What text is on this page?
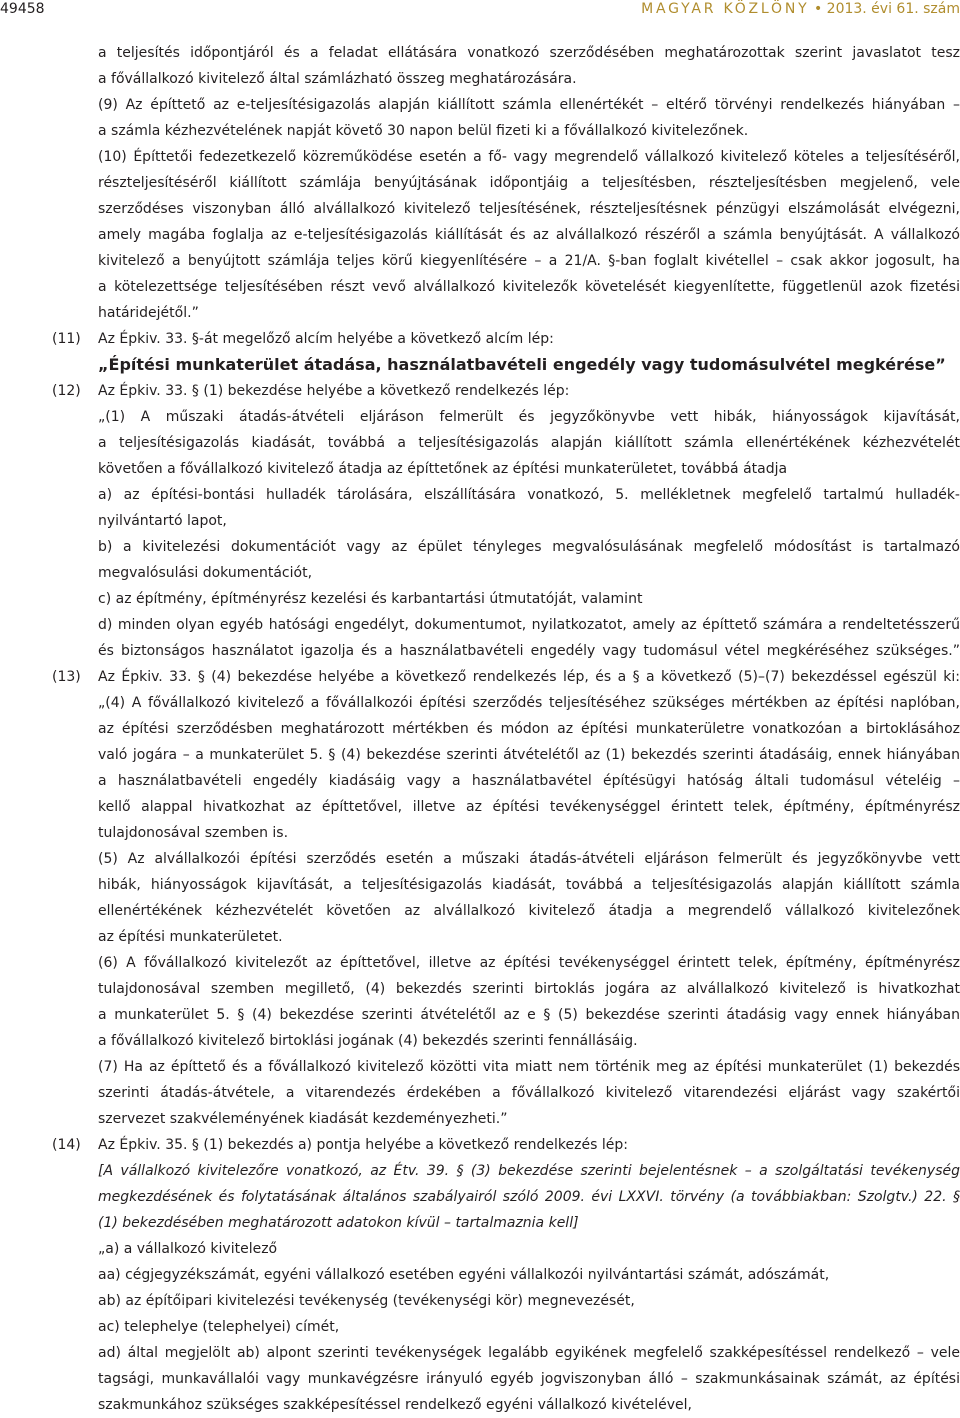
49458	MAGYAR KÖZLÖNY • 2013. évi 61. szám
a teljesítés időpontjáról és a feladat ellátására vonatkozó szerződésében meghatározottak szerint javaslatot tesz
a fővállalkozó kivitelező által számlázható összeg meghatározására.
(9) Az építtető az e-teljesítésigazolás alapján kiállított számla ellenértékét – eltérő törvényi rendelkezés hiányában –
a számla kézhezvételének napját követő 30 napon belül fizeti ki a fővállalkozó kivitelezőnek.
(10) Építtetői fedezetkezelő közreműködése esetén a fő- vagy megrendelő vállalkozó kivitelező köteles a teljesítéséről,
részteljesítéséről kiállított számlája benyújtásának időpontjáig a teljesítésben, részteljesítésben megjelenő, vele
szerződéses viszonyban álló alvállalkozó kivitelező teljesítésének, részteljesítésnek pénzügyi elszámolását elvégezni,
amely magába foglalja az e-teljesítésigazolás kiállítását és az alvállalkozó részéről a számla benyújtását. A vállalkozó
kivitelező a benyújtott számlája teljes körű kiegyenlítésére – a 21/A. §-ban foglalt kivétellel – csak akkor jogosult, ha
a kötelezettsége teljesítésében részt vevő alvállalkozó kivitelezők követelését kiegyenlítette, függetlenül azok fizetési
határidejétől.”
(11) Az Épkiv. 33. §-át megelőző alcím helyébe a következő alcím lép:
„Építési munkaterület átadása, használatbavételi engedély vagy tudomásulvétel megkérése”
(12) Az Épkiv. 33. § (1) bekezdése helyébe a következő rendelkezés lép:
„(1) A műszaki átadás-átvételi eljáráson felmerült és jegyzőkönyvbe vett hibák, hiányosságok kijavítását,
a teljesítésigazolás kiadását, továbbá a teljesítésigazolás alapján kiállított számla ellenértékének kézhezvételét
követően a fővállalkozó kivitelező átadja az építtetőnek az építési munkaterületet, továbbá átadja
a) az építési-bontási hulladék tárolására, elszállítására vonatkozó, 5. mellékletnek megfelelő tartalmú hulladék-
nyilvántartó lapot,
b) a kivitelezési dokumentációt vagy az épület tényleges megvalósulásának megfelelő módosítást is tartalmazó
megvalósulási dokumentációt,
c) az építmény, építményrész kezelési és karbantartási útmutatóját, valamint
d) minden olyan egyéb hatósági engedélyt, dokumentumot, nyilatkozatot, amely az építtető számára a rendeltetésszerű
és biztonságos használatot igazolja és a használatbavételi engedély vagy tudomásul vétel megkéréséhez szükséges.”
(13) Az Épkiv. 33. § (4) bekezdése helyébe a következő rendelkezés lép, és a § a következő (5)–(7) bekezdéssel egészül ki:
„(4) A fővállalkozó kivitelező a fővállalkozói építési szerződés teljesítéséhez szükséges mértékben az építési naplóban,
az építési szerződésben meghatározott mértékben és módon az építési munkaterületre vonatkozóan a birtoklásához
való jogára – a munkaterület 5. § (4) bekezdése szerinti átvételétől az (1) bekezdés szerinti átadásáig, ennek hiányában
a használatbavételi engedély kiadásáig vagy a használatbavétel építésügyi hatóság általi tudomásul vételéig –
kellő alappal hivatkozhat az építtetővel, illetve az építési tevékenységgel érintett telek, építmény, építményrész
tulajdonosával szemben is.
(5) Az alvállalkozói építési szerződés esetén a műszaki átadás-átvételi eljáráson felmerült és jegyzőkönyvbe vett
hibák, hiányosságok kijavítását, a teljesítésigazolás kiadását, továbbá a teljesítésigazolás alapján kiállított számla
ellenértékének kézhezvételét követően az alvállalkozó kivitelező átadja a megrendelő vállalkozó kivitelezőnek
az építési munkaterületet.
(6) A fővállalkozó kivitelezőt az építtetővel, illetve az építési tevékenységgel érintett telek, építmény, építményrész
tulajdonosával szemben megillető, (4) bekezdés szerinti birtoklás jogára az alvállalkozó kivitelező is hivatkozhat
a munkaterület 5. § (4) bekezdése szerinti átvételétől az e § (5) bekezdése szerinti átadásig vagy ennek hiányában
a fővállalkozó kivitelező birtoklási jogának (4) bekezdés szerinti fennállásáig.
(7) Ha az építtető és a fővállalkozó kivitelező közötti vita miatt nem történik meg az építési munkaterület (1) bekezdés
szerinti átadás-átvétele, a vitarendezés érdekében a fővállalkozó kivitelező vitarendezési eljárást vagy szakértői
szervezet szakvéleményének kiadását kezdeményezheti.”
(14) Az Épkiv. 35. § (1) bekezdés a) pontja helyébe a következő rendelkezés lép:
[A vállalkozó kivitelezőre vonatkozó, az Étv. 39. § (3) bekezdése szerinti bejelentésnek – a szolgáltatási tevékenység
megkezdésének és folytatásának általános szabályairól szóló 2009. évi LXXVI. törvény (a továbbiakban: Szolgtv.) 22. §
(1) bekezdésében meghatározott adatokon kívül – tartalmaznia kell]
„a) a vállalkozó kivitelező
aa) cégjegyzékszámát, egyéni vállalkozó esetében egyéni vállalkozói nyilvántartási számát, adószámát,
ab) az építőipari kivitelezési tevékenység (tevékenységi kör) megnevezését,
ac) telephelye (telephelyei) címét,
ad) által megjelölt ab) alpont szerinti tevékenységek legalább egyikének megfelelő szakképesítéssel rendelkező – vele
tagsági, munkavállalói vagy munkavégzésre irányuló egyéb jogviszonyban álló – szakmunkásainak számát, az építési
szakmunkához szükséges szakképesítéssel rendelkező egyéni vállalkozó kivételével,
